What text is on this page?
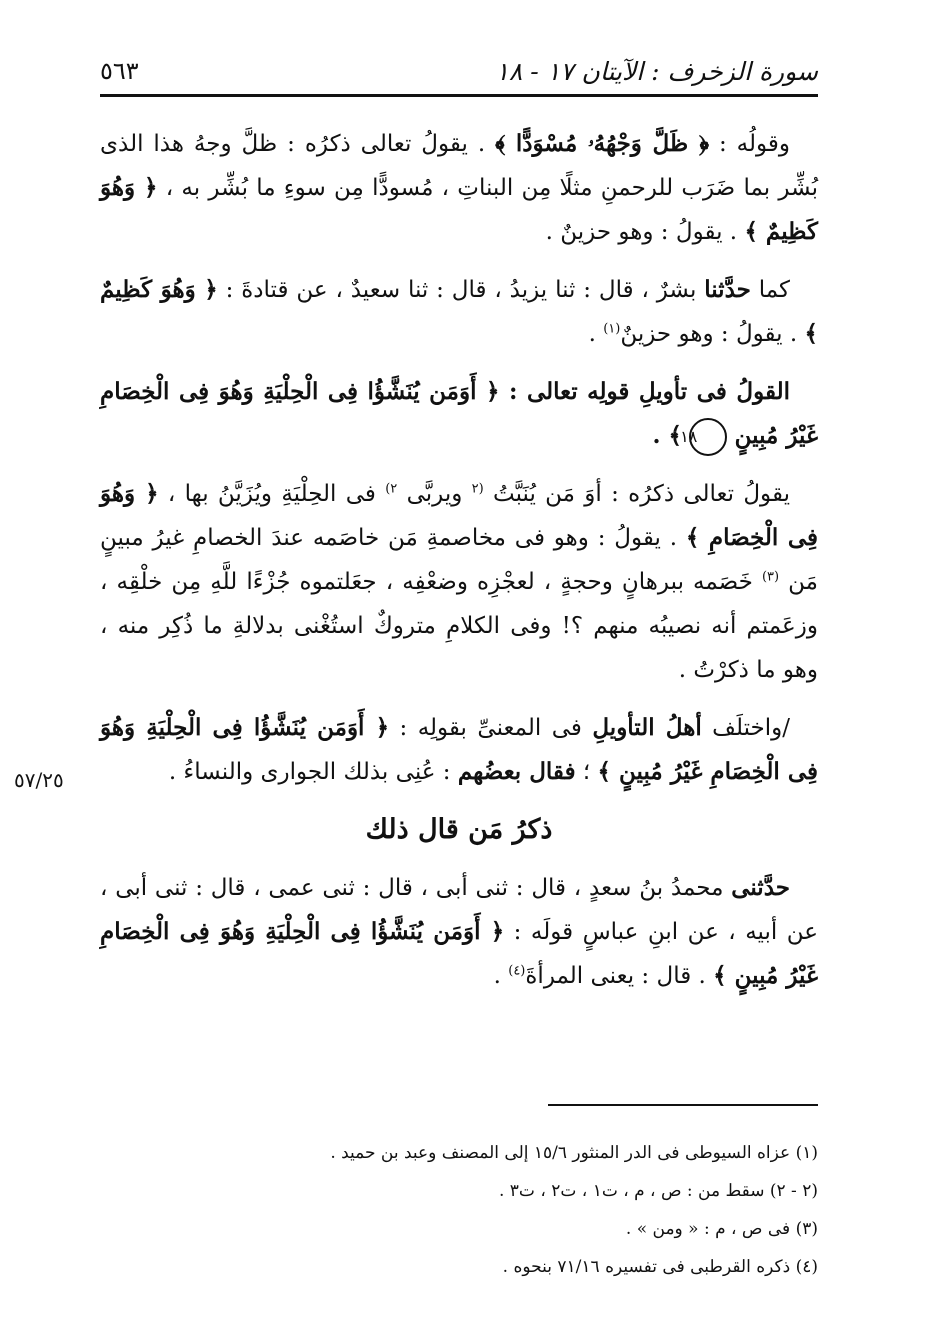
سورة الزخرف : الآيتان ١٧ - ١٨
٥٦٣
٥٧/٢٥

وقولُه : ﴿ ظَلَّ وَجْهُهُۥ مُسْوَدًّا ﴾ . يقولُ تعالى ذكرُه : ظلَّ وجهُ هذا الذى بُشِّر بما ضَرَب للرحمنِ مثلًا مِن البناتِ ، مُسودًّا مِن سوءِ ما بُشِّر به ، ﴿ وَهُوَ كَظِيمٌ ﴾ . يقولُ : وهو حزينٌ .

كما حدَّثنا بشرٌ ، قال : ثنا يزيدُ ، قال : ثنا سعيدٌ ، عن قتادةَ : ﴿ وَهُوَ كَظِيمٌ ﴾ . يقولُ : وهو حزينٌ$^{(١)}$ .

القولُ فى تأويلِ قولِه تعالى : ﴿ أَوَمَن يُنَشَّؤُا فِى الْحِلْيَةِ وَهُوَ فِى الْخِصَامِ غَيْرُ مُبِينٍ ١٨ ﴾ .

يقولُ تعالى ذكرُه : أوَ مَن يُنَبَّتُ $^{(٢}$ ويربَّى $^{٢)}$ فى الحِلْيَةِ ويُزَيَّنُ بها ، ﴿ وَهُوَ فِى الْخِصَامِ ﴾ . يقولُ : وهو فى مخاصمةِ مَن خاصَمه عندَ الخصامِ غيرُ مبينٍ مَن $^{(٣)}$ خَصَمه ببرهانٍ وحجةٍ ، لعجْزِه وضعْفِه ، جعَلتموه جُزْءًا للَّهِ مِن خلْقِه ، وزعَمتم أنه نصيبُه منهم ؟! وفى الكلامِ متروكٌ استُغْنى بدلالةِ ما ذُكِر منه ، وهو ما ذكرْتُ .

/واختلَف أهلُ التأويلِ فى المعنىِّ بقولِه : ﴿ أَوَمَن يُنَشَّؤُا فِى الْحِلْيَةِ وَهُوَ فِى الْخِصَامِ غَيْرُ مُبِينٍ ﴾ ؛ فقال بعضُهم : عُنِى بذلك الجوارى والنساءُ .

ذكرُ مَن قال ذلك

حدَّثنى محمدُ بنُ سعدٍ ، قال : ثنى أبى ، قال : ثنى عمى ، قال : ثنى أبى ، عن أبيه ، عن ابنِ عباسٍ قولَه : ﴿ أَوَمَن يُنَشَّؤُا فِى الْحِلْيَةِ وَهُوَ فِى الْخِصَامِ غَيْرُ مُبِينٍ ﴾ . قال : يعنى المرأةَ$^{(٤)}$ .

(١) عزاه السيوطى فى الدر المنثور ١٥/٦ إلى المصنف وعبد بن حميد .
(٢ - ٢) سقط من : ص ، م ، ت١ ، ت٢ ، ت٣ .
(٣) فى ص ، م : « ومن » .
(٤) ذكره القرطبى فى تفسيره ٧١/١٦ بنحوه .
